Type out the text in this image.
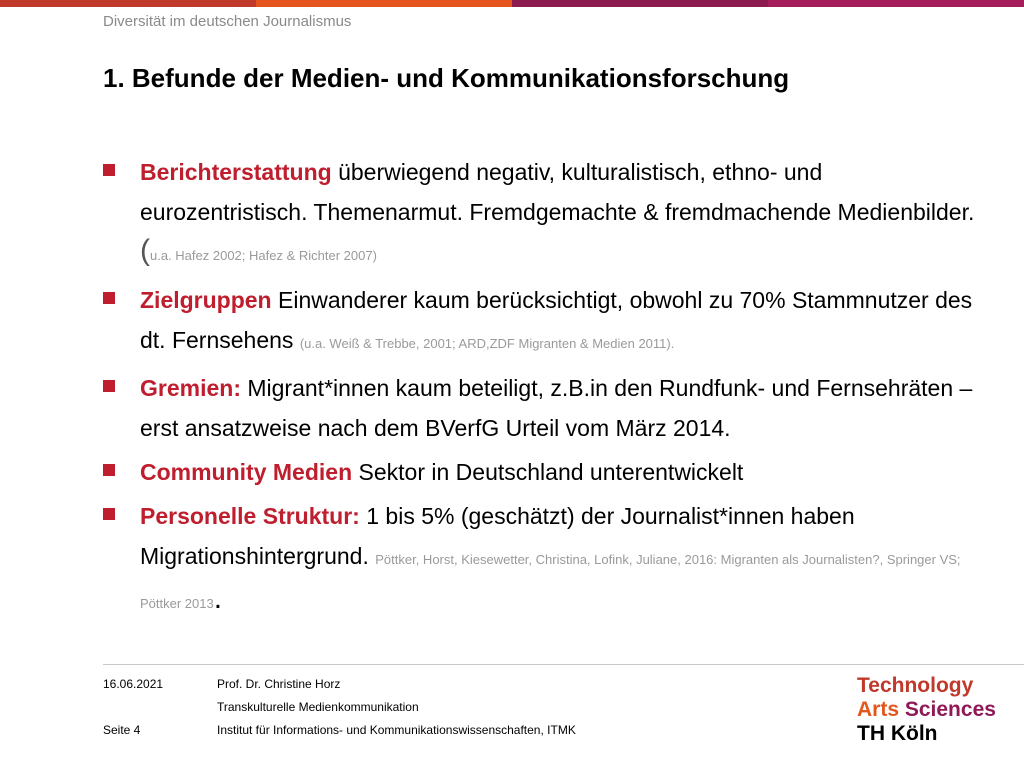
Diversität im deutschen Journalismus
1. Befunde der Medien- und Kommunikationsforschung
Berichterstattung überwiegend negativ, kulturalistisch, ethno- und eurozentristisch. Themenarmut. Fremdgemachte & fremdmachende Medienbilder. (u.a. Hafez 2002; Hafez & Richter 2007)
Zielgruppen Einwanderer kaum berücksichtigt, obwohl zu 70% Stammnutzer des dt. Fernsehens (u.a. Weiß & Trebbe, 2001; ARD,ZDF Migranten & Medien 2011).
Gremien: Migrant*innen kaum beteiligt, z.B.in den Rundfunk- und Fernsehräten – erst ansatzweise nach dem BVerfG Urteil vom März 2014.
Community Medien Sektor in Deutschland unterentwickelt
Personelle Struktur: 1 bis 5% (geschätzt) der Journalist*innen haben Migrationshintergrund. Pöttker, Horst, Kiesewetter, Christina, Lofink, Juliane, 2016: Migranten als Journalisten?, Springer VS; Pöttker 2013.
16.06.2021
Seite 4
Prof. Dr. Christine Horz
Transkulturelle Medienkommunikation
Institut für Informations- und Kommunikationswissenschaften, ITMK
Technology
Arts Sciences
TH Köln
